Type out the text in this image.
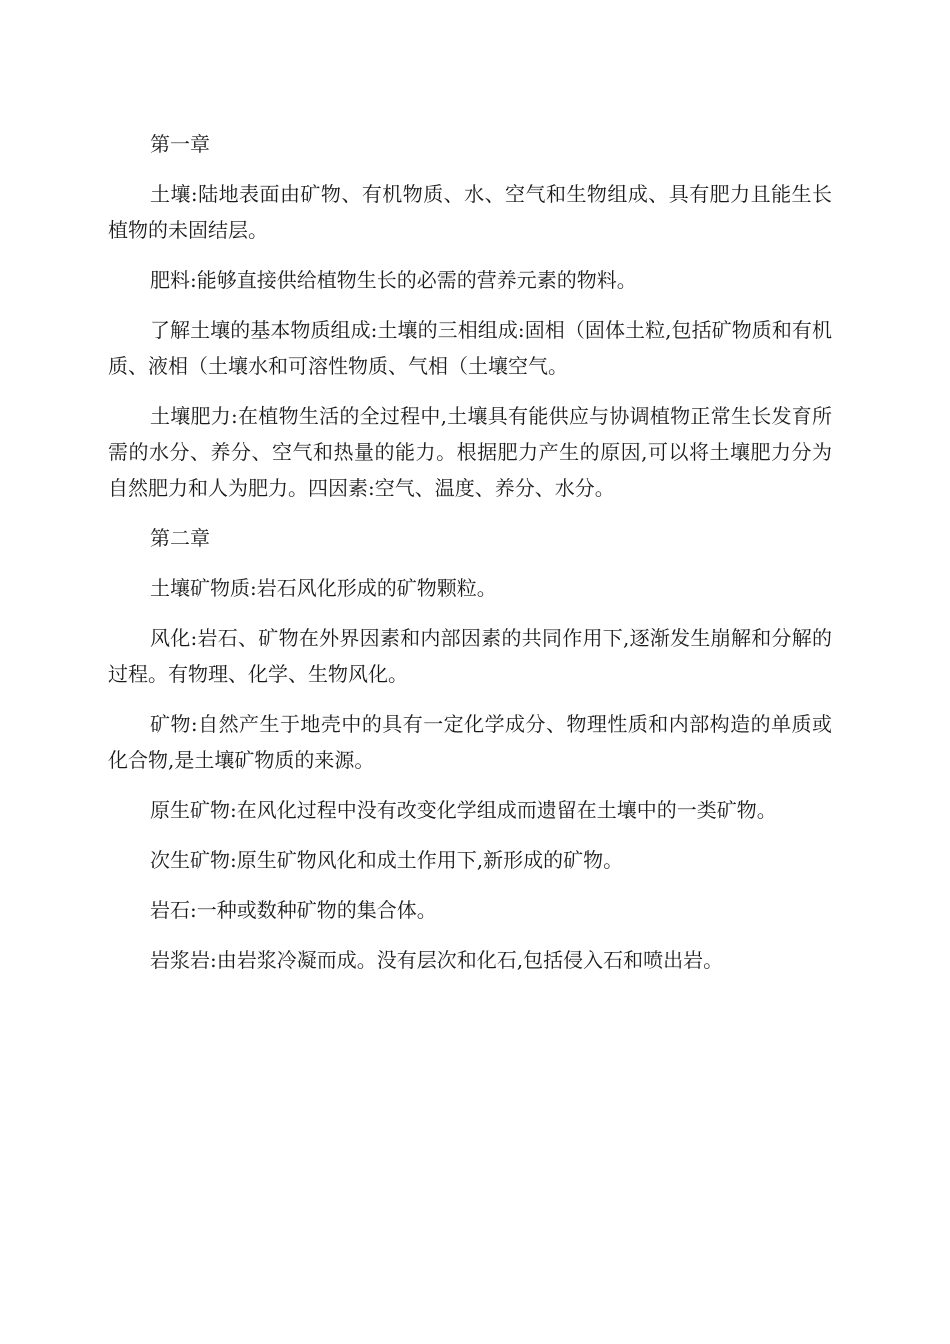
第一章

土壤:陆地表面由矿物、有机物质、水、空气和生物组成、具有肥力且能生长植物的未固结层。

肥料:能够直接供给植物生长的必需的营养元素的物料。

了解土壤的基本物质组成:土壤的三相组成:固相（固体土粒,包括矿物质和有机质、液相（土壤水和可溶性物质、气相（土壤空气。

土壤肥力:在植物生活的全过程中,土壤具有能供应与协调植物正常生长发育所需的水分、养分、空气和热量的能力。根据肥力产生的原因,可以将土壤肥力分为自然肥力和人为肥力。四因素:空气、温度、养分、水分。

第二章

土壤矿物质:岩石风化形成的矿物颗粒。

风化:岩石、矿物在外界因素和内部因素的共同作用下,逐渐发生崩解和分解的过程。有物理、化学、生物风化。

矿物:自然产生于地壳中的具有一定化学成分、物理性质和内部构造的单质或化合物,是土壤矿物质的来源。

原生矿物:在风化过程中没有改变化学组成而遗留在土壤中的一类矿物。

次生矿物:原生矿物风化和成土作用下,新形成的矿物。

岩石:一种或数种矿物的集合体。

岩浆岩:由岩浆冷凝而成。没有层次和化石,包括侵入石和喷出岩。
